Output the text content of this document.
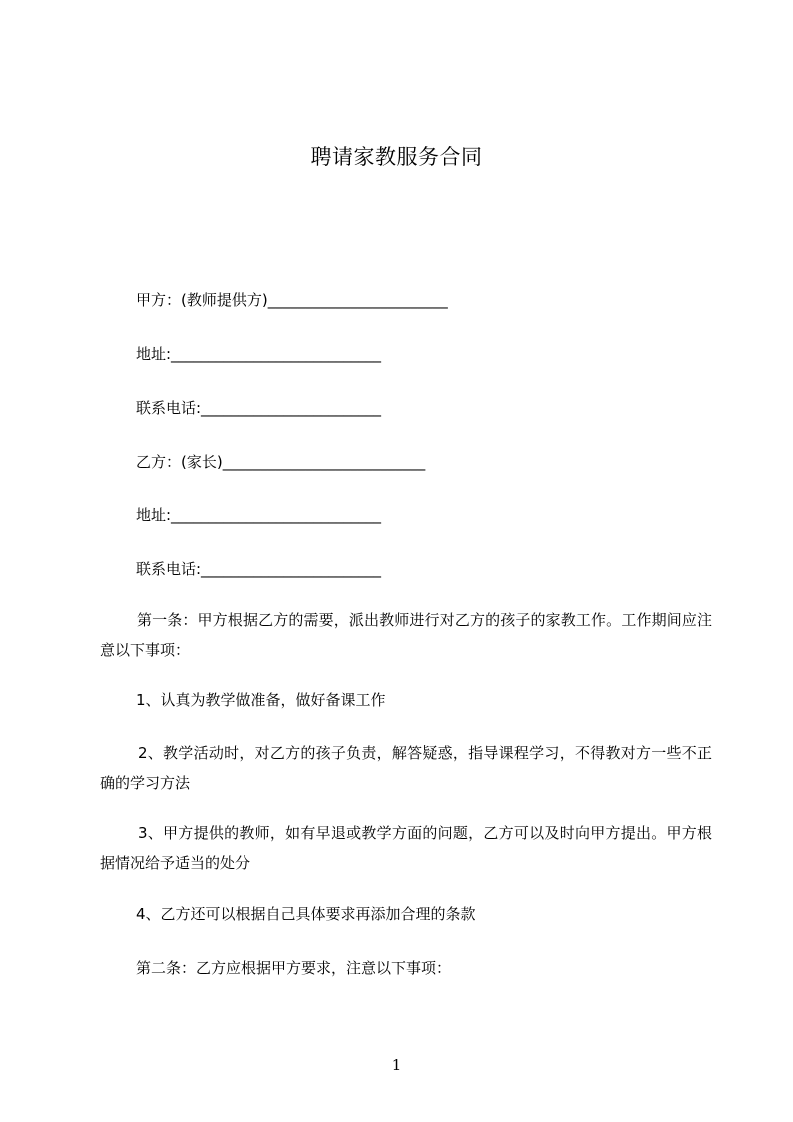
聘请家教服务合同

甲方：(教师提供方)________________________

地址:____________________________

联系电话:________________________

乙方：(家长)___________________________

地址:____________________________

联系电话:________________________

第一条：甲方根据乙方的需要，派出教师进行对乙方的孩子的家教工作。工作期间应注意以下事项：

1、认真为教学做准备，做好备课工作

2、教学活动时，对乙方的孩子负责，解答疑惑，指导课程学习，不得教对方一些不正确的学习方法

3、甲方提供的教师，如有早退或教学方面的问题，乙方可以及时向甲方提出。甲方根据情况给予适当的处分

4、乙方还可以根据自己具体要求再添加合理的条款

第二条：乙方应根据甲方要求，注意以下事项：

1
